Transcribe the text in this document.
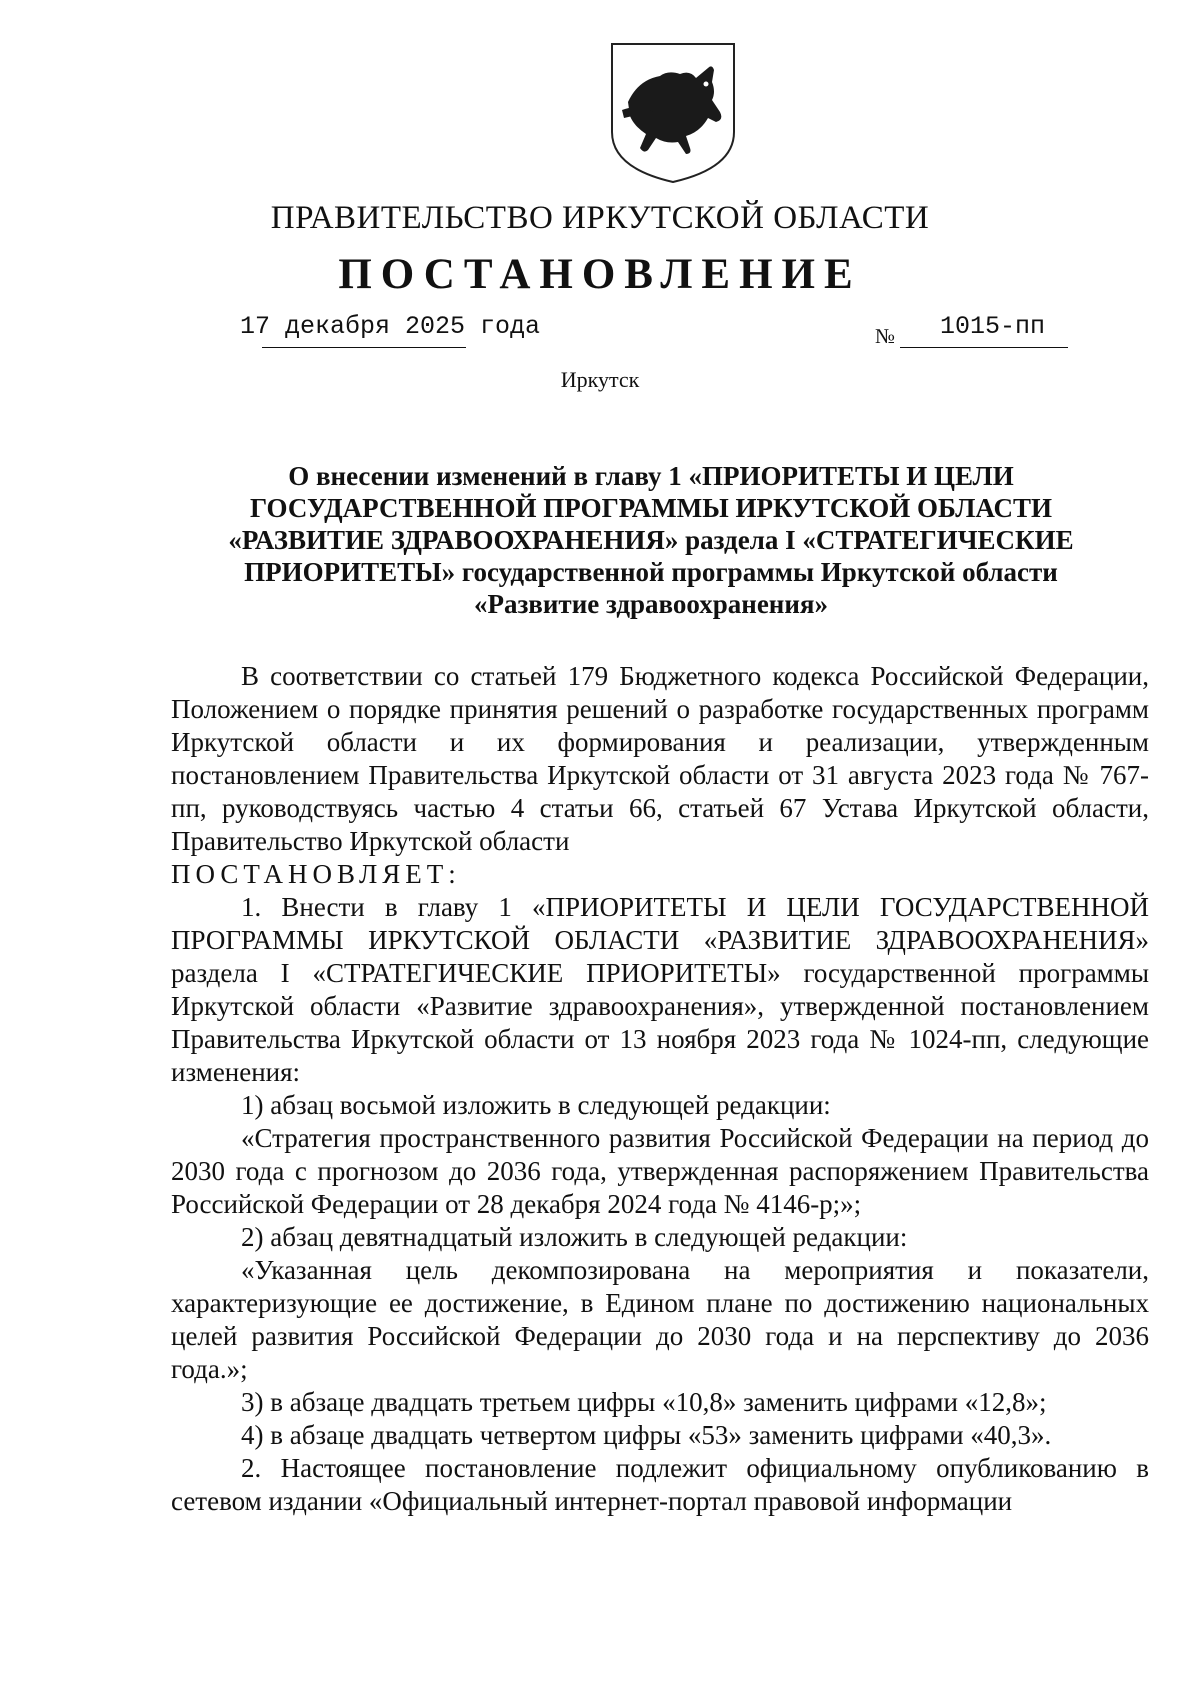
ПРАВИТЕЛЬСТВО ИРКУТСКОЙ ОБЛАСТИ
ПОСТАНОВЛЕНИЕ
17 декабря 2025 года	№ 1015-пп
Иркутск
О внесении изменений в главу 1 «ПРИОРИТЕТЫ И ЦЕЛИ
ГОСУДАРСТВЕННОЙ ПРОГРАММЫ ИРКУТСКОЙ ОБЛАСТИ
«РАЗВИТИЕ ЗДРАВООХРАНЕНИЯ» раздела I «СТРАТЕГИЧЕСКИЕ
ПРИОРИТЕТЫ» государственной программы Иркутской области
«Развитие здравоохранения»

В соответствии со статьей 179 Бюджетного кодекса Российской Федерации, Положением о порядке принятия решений о разработке государственных программ Иркутской области и их формирования и реализации, утвержденным постановлением Правительства Иркутской области от 31 августа 2023 года № 767-пп, руководствуясь частью 4 статьи 66, статьей 67 Устава Иркутской области, Правительство Иркутской области

ПОСТАНОВЛЯЕТ:

1. Внести в главу 1 «ПРИОРИТЕТЫ И ЦЕЛИ ГОСУДАРСТВЕННОЙ ПРОГРАММЫ ИРКУТСКОЙ ОБЛАСТИ «РАЗВИТИЕ ЗДРАВООХРАНЕНИЯ» раздела I «СТРАТЕГИЧЕСКИЕ ПРИОРИТЕТЫ» государственной программы Иркутской области «Развитие здравоохранения», утвержденной постановлением Правительства Иркутской области от 13 ноября 2023 года № 1024-пп, следующие изменения:

1) абзац восьмой изложить в следующей редакции:

«Стратегия пространственного развития Российской Федерации на период до 2030 года с прогнозом до 2036 года, утвержденная распоряжением Правительства Российской Федерации от 28 декабря 2024 года № 4146-р;»;

2) абзац девятнадцатый изложить в следующей редакции:

«Указанная цель декомпозирована на мероприятия и показатели, характеризующие ее достижение, в Едином плане по достижению национальных целей развития Российской Федерации до 2030 года и на перспективу до 2036 года.»;

3) в абзаце двадцать третьем цифры «10,8» заменить цифрами «12,8»;

4) в абзаце двадцать четвертом цифры «53» заменить цифрами «40,3».

2. Настоящее постановление подлежит официальному опубликованию в сетевом издании «Официальный интернет-портал правовой информации
